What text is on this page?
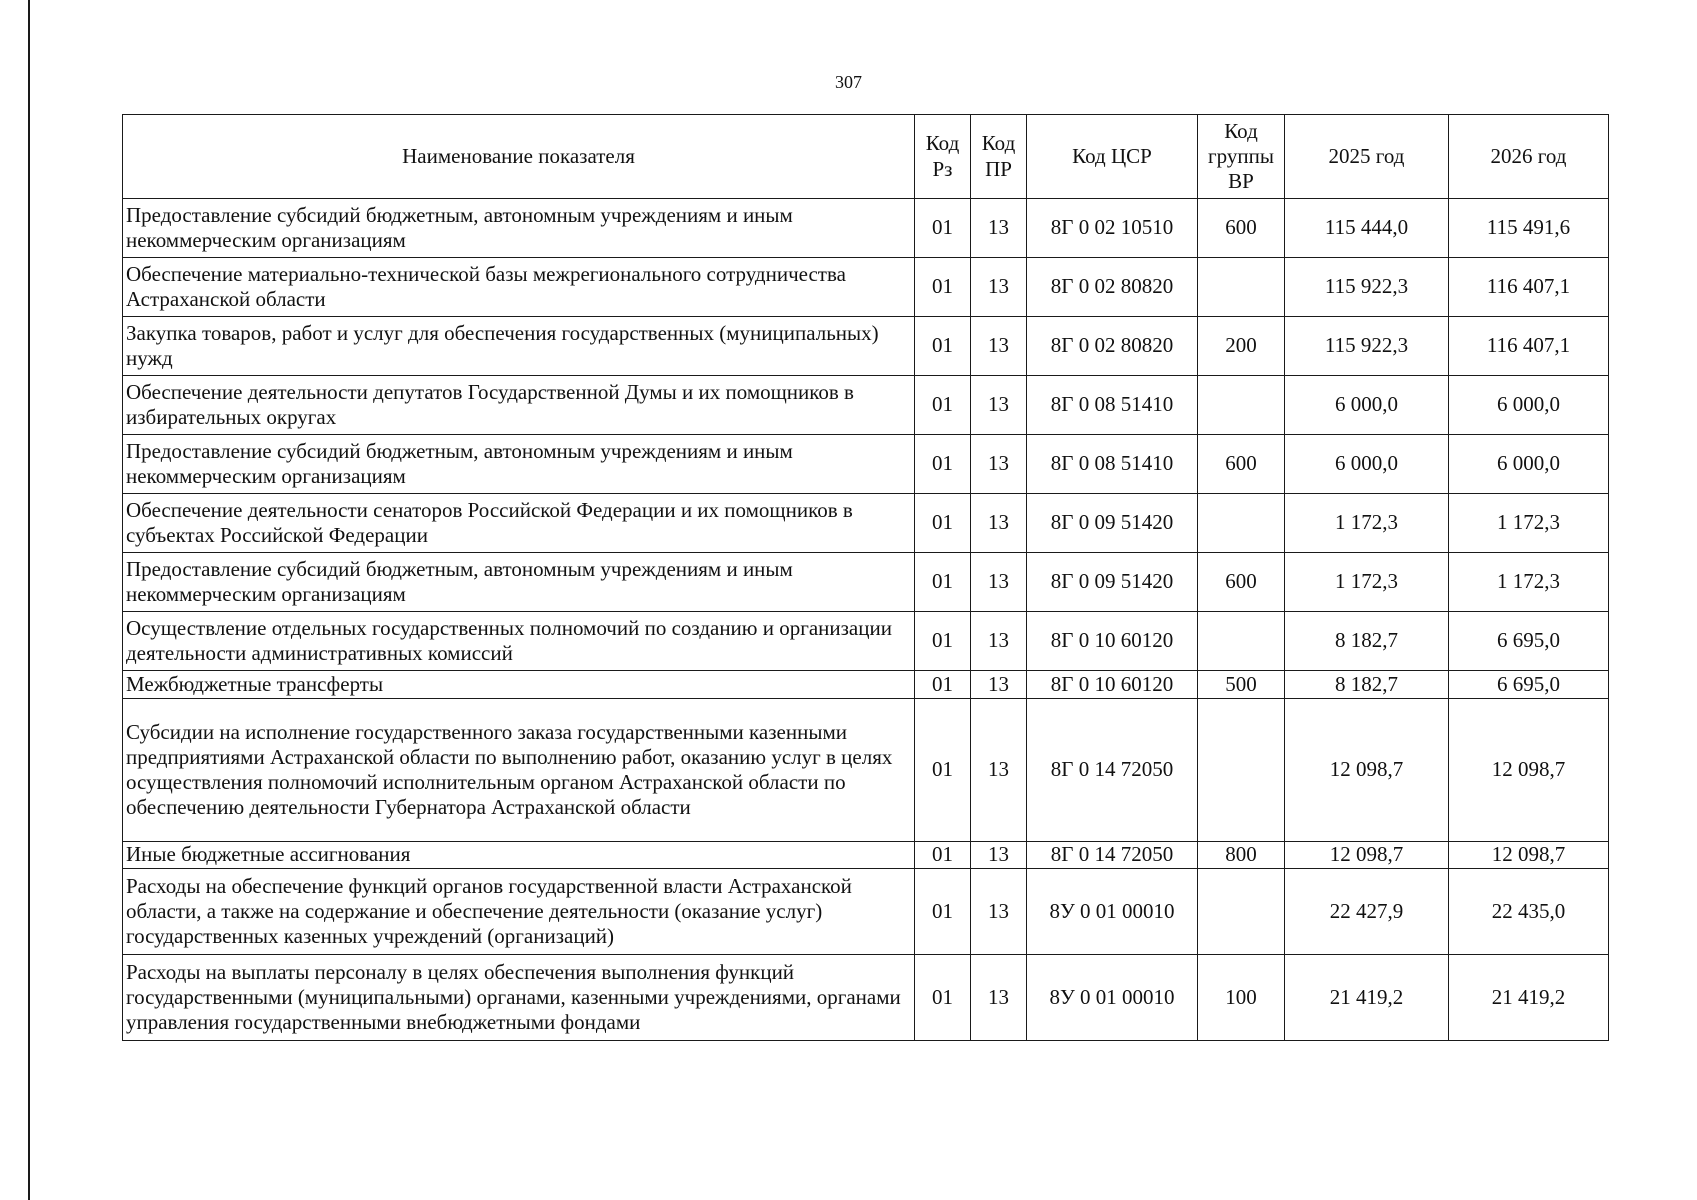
307
Наименование показателя	Код Рз	Код ПР	Код ЦСР	Код группы ВР	2025 год	2026 год
Предоставление субсидий бюджетным, автономным учреждениям и иным некоммерческим организациям	01	13	8Г 0 02 10510	600	115 444,0	115 491,6
Обеспечение материально-технической базы межрегионального сотрудничества Астраханской области	01	13	8Г 0 02 80820		115 922,3	116 407,1
Закупка товаров, работ и услуг для обеспечения государственных (муниципальных) нужд	01	13	8Г 0 02 80820	200	115 922,3	116 407,1
Обеспечение деятельности депутатов Государственной Думы и их помощников в избирательных округах	01	13	8Г 0 08 51410		6 000,0	6 000,0
Предоставление субсидий бюджетным, автономным учреждениям и иным некоммерческим организациям	01	13	8Г 0 08 51410	600	6 000,0	6 000,0
Обеспечение деятельности сенаторов Российской Федерации и их помощников в субъектах Российской Федерации	01	13	8Г 0 09 51420		1 172,3	1 172,3
Предоставление субсидий бюджетным, автономным учреждениям и иным некоммерческим организациям	01	13	8Г 0 09 51420	600	1 172,3	1 172,3
Осуществление отдельных государственных полномочий по созданию и организации деятельности административных комиссий	01	13	8Г 0 10 60120		8 182,7	6 695,0
Межбюджетные трансферты	01	13	8Г 0 10 60120	500	8 182,7	6 695,0
Субсидии на исполнение государственного заказа государственными казенными предприятиями Астраханской области по выполнению работ, оказанию услуг в целях осуществления полномочий исполнительным органом Астраханской области по обеспечению деятельности Губернатора Астраханской области	01	13	8Г 0 14 72050		12 098,7	12 098,7
Иные бюджетные ассигнования	01	13	8Г 0 14 72050	800	12 098,7	12 098,7
Расходы на обеспечение функций органов государственной власти Астраханской области, а также на содержание и обеспечение деятельности (оказание услуг) государственных казенных учреждений (организаций)	01	13	8У 0 01 00010		22 427,9	22 435,0
Расходы на выплаты персоналу в целях обеспечения выполнения функций государственными (муниципальными) органами, казенными учреждениями, органами управления государственными внебюджетными фондами	01	13	8У 0 01 00010	100	21 419,2	21 419,2
